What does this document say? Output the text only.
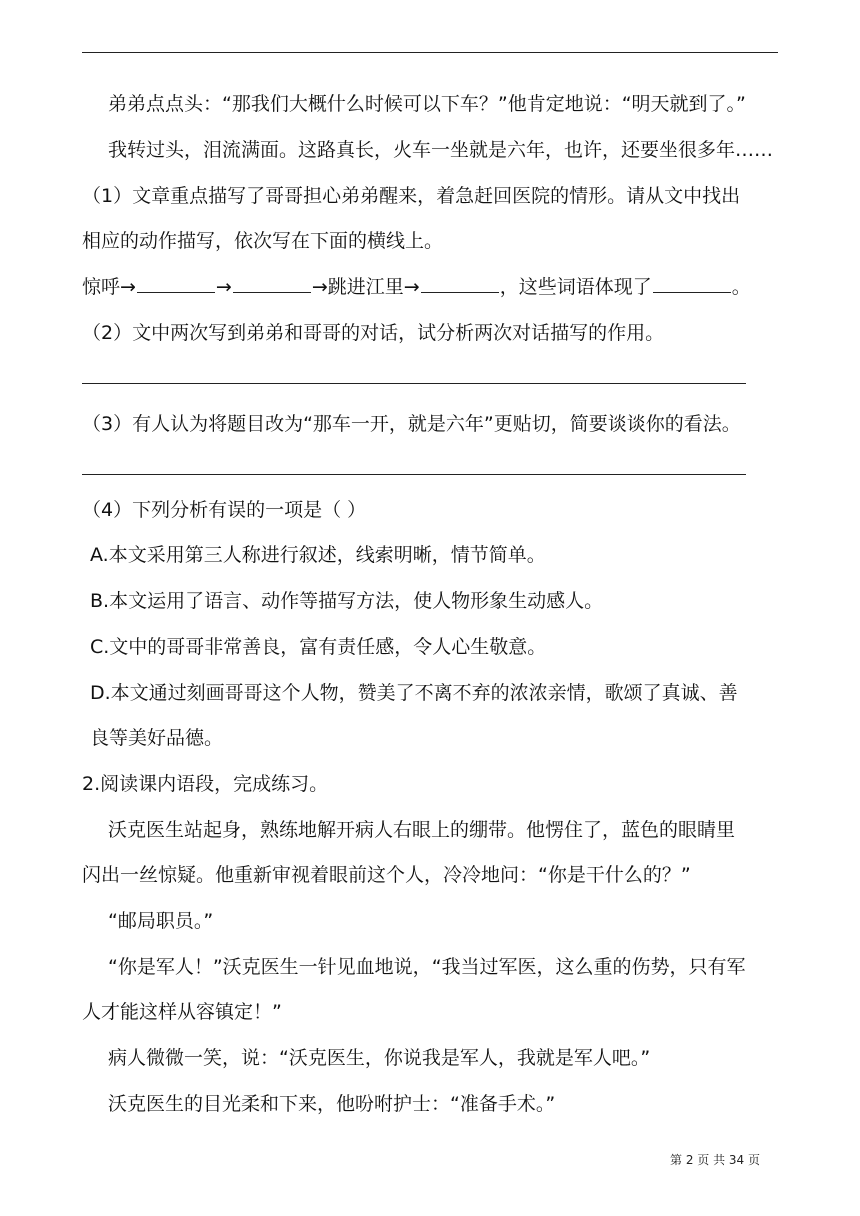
弟弟点点头：“那我们大概什么时候可以下车？”他肯定地说：“明天就到了。”
我转过头，泪流满面。这路真长，火车一坐就是六年，也许，还要坐很多年……
（1）文章重点描写了哥哥担心弟弟醒来，着急赶回医院的情形。请从文中找出
相应的动作描写，依次写在下面的横线上。
惊呼→	→	→跳进江里→	，这些词语体现了	。
（2）文中两次写到弟弟和哥哥的对话，试分析两次对话描写的作用。
（3）有人认为将题目改为“那车一开，就是六年”更贴切，简要谈谈你的看法。
（4）下列分析有误的一项是（ ）
A.本文采用第三人称进行叙述，线索明晰，情节简单。
B.本文运用了语言、动作等描写方法，使人物形象生动感人。
C.文中的哥哥非常善良，富有责任感，令人心生敬意。
D.本文通过刻画哥哥这个人物，赞美了不离不弃的浓浓亲情，歌颂了真诚、善
良等美好品德。
2.阅读课内语段，完成练习。
沃克医生站起身，熟练地解开病人右眼上的绷带。他愣住了，蓝色的眼睛里
闪出一丝惊疑。他重新审视着眼前这个人，冷冷地问：“你是干什么的？”
“邮局职员。”
“你是军人！”沃克医生一针见血地说，“我当过军医，这么重的伤势，只有军
人才能这样从容镇定！”
病人微微一笑，说：“沃克医生，你说我是军人，我就是军人吧。”
沃克医生的目光柔和下来，他吩咐护士：“准备手术。”
第 2 页 共 34 页
